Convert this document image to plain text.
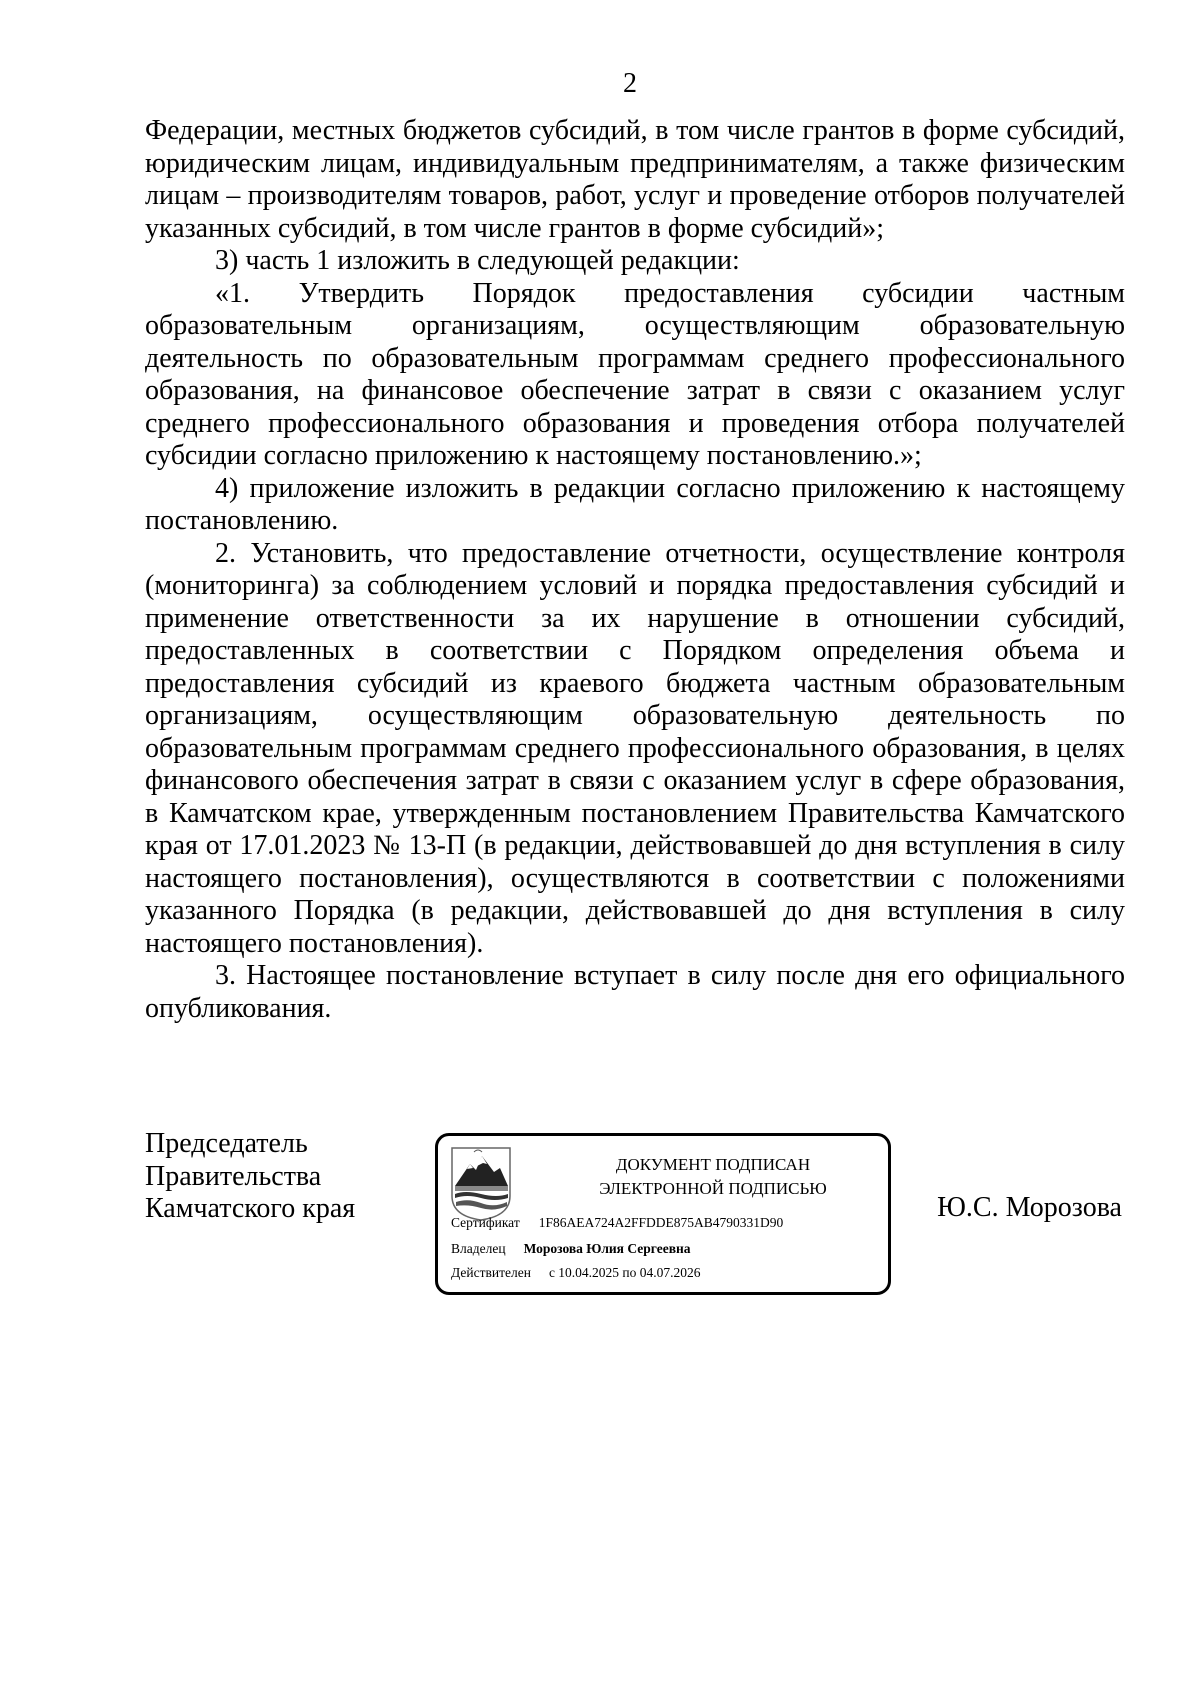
2

Федерации, местных бюджетов субсидий, в том числе грантов в форме субсидий, юридическим лицам, индивидуальным предпринимателям, а также физическим лицам – производителям товаров, работ, услуг и проведение отборов получателей указанных субсидий, в том числе грантов в форме субсидий»;

3) часть 1 изложить в следующей редакции:

«1. Утвердить Порядок предоставления субсидии частным образовательным организациям, осуществляющим образовательную деятельность по образовательным программам среднего профессионального образования, на финансовое обеспечение затрат в связи с оказанием услуг среднего профессионального образования и проведения отбора получателей субсидии согласно приложению к настоящему постановлению.»;

4) приложение изложить в редакции согласно приложению к настоящему постановлению.

2. Установить, что предоставление отчетности, осуществление контроля (мониторинга) за соблюдением условий и порядка предоставления субсидий и применение ответственности за их нарушение в отношении субсидий, предоставленных в соответствии с Порядком определения объема и предоставления субсидий из краевого бюджета частным образовательным организациям, осуществляющим образовательную деятельность по образовательным программам среднего профессионального образования, в целях финансового обеспечения затрат в связи с оказанием услуг в сфере образования, в Камчатском крае, утвержденным постановлением Правительства Камчатского края от 17.01.2023 № 13-П (в редакции, действовавшей до дня вступления в силу настоящего постановления), осуществляются в соответствии с положениями указанного Порядка (в редакции, действовавшей до дня вступления в силу настоящего постановления).

3. Настоящее постановление вступает в силу после дня его официального опубликования.

Председатель
Правительства
Камчатского края
ДОКУМЕНТ ПОДПИСАН
ЭЛЕКТРОННОЙ ПОДПИСЬЮ
Сертификат 1F86AEA724A2FFDDE875AB4790331D90
Владелец Морозова Юлия Сергеевна
Действителен с 10.04.2025 по 04.07.2026
Ю.С. Морозова
